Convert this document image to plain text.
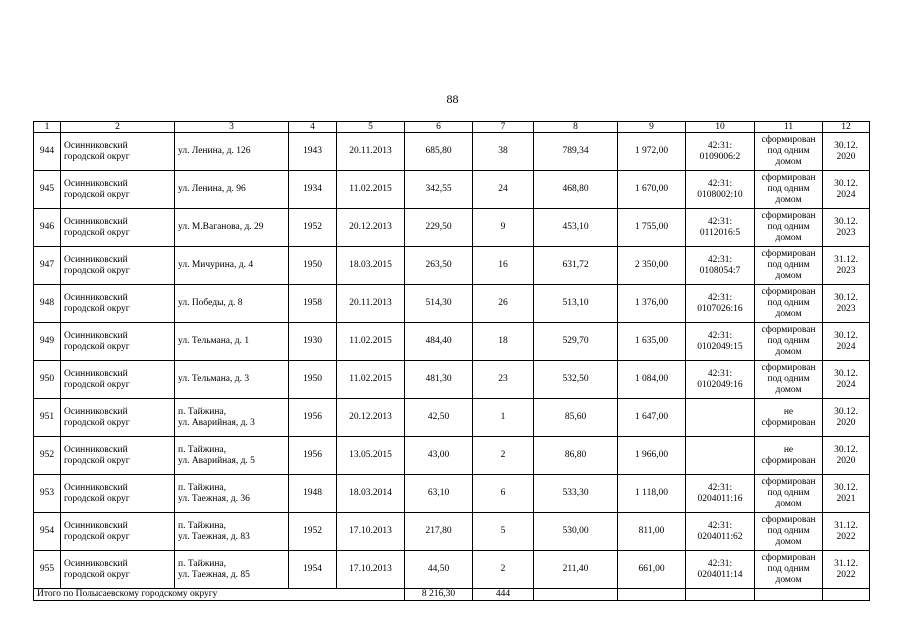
88
1	2	3	4	5	6	7	8	9	10	11	12
944	Осинниковский
городской округ	ул. Ленина, д. 126	1943	20.11.2013	685,80	38	789,34	1 972,00	42:31:
0109006:2	сформирован
под одним
домом	30.12.
2020
945	Осинниковский
городской округ	ул. Ленина, д. 96	1934	11.02.2015	342,55	24	468,80	1 670,00	42:31:
0108002:10	сформирован
под одним
домом	30.12.
2024
946	Осинниковский
городской округ	ул. М.Ваганова, д. 29	1952	20.12.2013	229,50	9	453,10	1 755,00	42:31:
0112016:5	сформирован
под одним
домом	30.12.
2023
947	Осинниковский
городской округ	ул. Мичурина, д. 4	1950	18.03.2015	263,50	16	631,72	2 350,00	42:31:
0108054:7	сформирован
под одним
домом	31.12.
2023
948	Осинниковский
городской округ	ул. Победы, д. 8	1958	20.11.2013	514,30	26	513,10	1 376,00	42:31:
0107026:16	сформирован
под одним
домом	30.12.
2023
949	Осинниковский
городской округ	ул. Тельмана, д. 1	1930	11.02.2015	484,40	18	529,70	1 635,00	42:31:
0102049:15	сформирован
под одним
домом	30.12.
2024
950	Осинниковский
городской округ	ул. Тельмана, д. 3	1950	11.02.2015	481,30	23	532,50	1 084,00	42:31:
0102049:16	сформирован
под одним
домом	30.12.
2024
951	Осинниковский
городской округ	п. Тайжина,
ул. Аварийная, д. 3	1956	20.12.2013	42,50	1	85,60	1 647,00		не
сформирован	30.12.
2020
952	Осинниковский
городской округ	п. Тайжина,
ул. Аварийная, д. 5	1956	13.05.2015	43,00	2	86,80	1 966,00		не
сформирован	30.12.
2020
953	Осинниковский
городской округ	п. Тайжина,
ул. Таежная, д. 36	1948	18.03.2014	63,10	6	533,30	1 118,00	42:31:
0204011:16	сформирован
под одним
домом	30.12.
2021
954	Осинниковский
городской округ	п. Тайжина,
ул. Таежная, д. 83	1952	17.10.2013	217,80	5	530,00	811,00	42:31:
0204011:62	сформирован
под одним
домом	31.12.
2022
955	Осинниковский
городской округ	п. Тайжина,
ул. Таежная, д. 85	1954	17.10.2013	44,50	2	211,40	661,00	42:31:
0204011:14	сформирован
под одним
домом	31.12.
2022
Итого по Полысаевскому городскому округу					8 216,30	444					
